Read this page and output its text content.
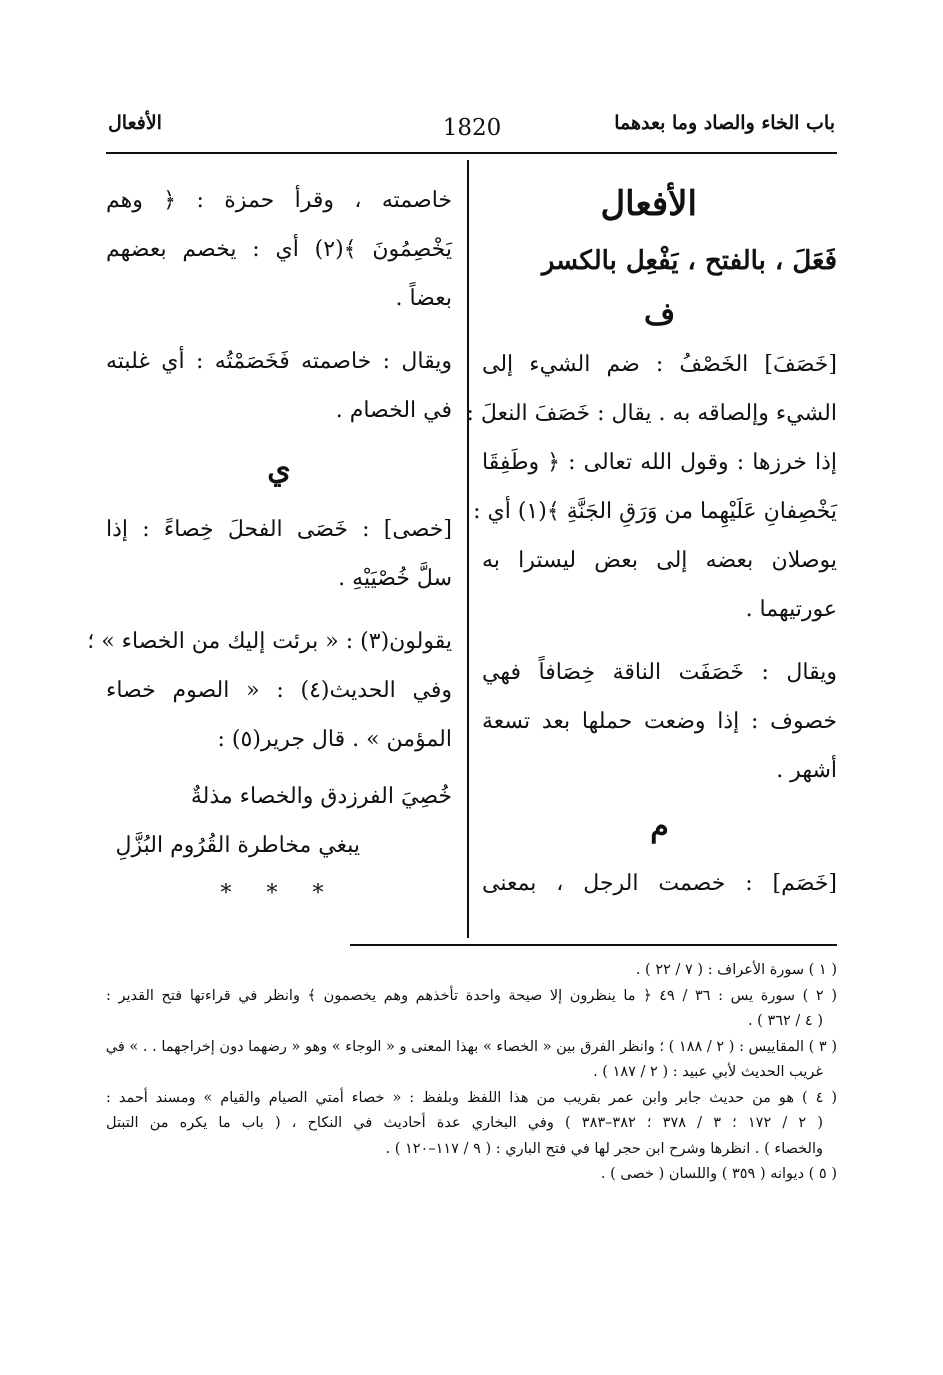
باب الخاء والصاد وما بعدهما
1820
الأفعال
الأفعال
فَعَلَ ، بالفتح ، يَفْعِل بالكسر
ف
[خَصَفَ] الخَصْفُ : ضم الشيء إلى
الشيء وإلصاقه به . يقال : خَصَفَ النعلَ :
إذا خرزها : وقول الله تعالى : ﴿ وطَفِقَا
يَخْصِفانِ عَلَيْهِما من وَرَقِ الجَنَّةِ ﴾(١) أي :
يوصلان بعضه إلى بعض ليسترا به
عورتيهما .
ويقال : خَصَفَت الناقة خِصَافاً فهي
خصوف : إذا وضعت حملها بعد تسعة
أشهر .
م
[خَصَم] : خصمت الرجل ، بمعنى
خاصمته ، وقرأ حمزة : ﴿ وهم
يَخْصِمُونَ ﴾(٢) أي : يخصم بعضهم
بعضاً .
ويقال : خاصمته فَخَصَمْتُه : أي غلبته
في الخصام .
ي
[خصى] : خَصَى الفحلَ خِصاءً : إذا
سلَّ خُصْيَيْهِ .
يقولون(٣) : « برئت إليك من الخصاء » ؛
وفي الحديث(٤) : « الصوم خصاء
المؤمن » . قال جرير(٥) :
خُصِيَ الفرزدق والخصاء مذلةٌ
يبغي مخاطرة القُرُوم البُزَّلِ
* * *
( ١ ) سورة الأعراف : ( ٧ / ٢٢ ) .
( ٢ ) سورة يس : ٣٦ / ٤٩ ﴿ ما ينظرون إلا صيحة واحدة تأخذهم وهم يخصمون ﴾ وانظر في قراءتها فتح القدير :
( ٤ / ٣٦٢ ) .
( ٣ ) المقاييس : ( ٢ / ١٨٨ ) ؛ وانظر الفرق بين « الخصاء » بهذا المعنى و « الوجاء » وهو « رضهما دون إخراجهما . . » في
غريب الحديث لأبي عبيد : ( ٢ / ١٨٧ ) .
( ٤ ) هو من حديث جابر وابن عمر بقريب من هذا اللفظ وبلفظ : « خصاء أمتي الصيام والقيام » ومسند أحمد :
( ٢ / ١٧٢ ؛ ٣ / ٣٧٨ ؛ ٣٨٢–٣٨٣ ) وفي البخاري عدة أحاديث في النكاح ، ( باب ما يكره من التبتل
والخصاء ) . انظرها وشرح ابن حجر لها في فتح الباري : ( ٩ / ١١٧–١٢٠ ) .
( ٥ ) ديوانه ( ٣٥٩ ) واللسان ( خصى ) .
